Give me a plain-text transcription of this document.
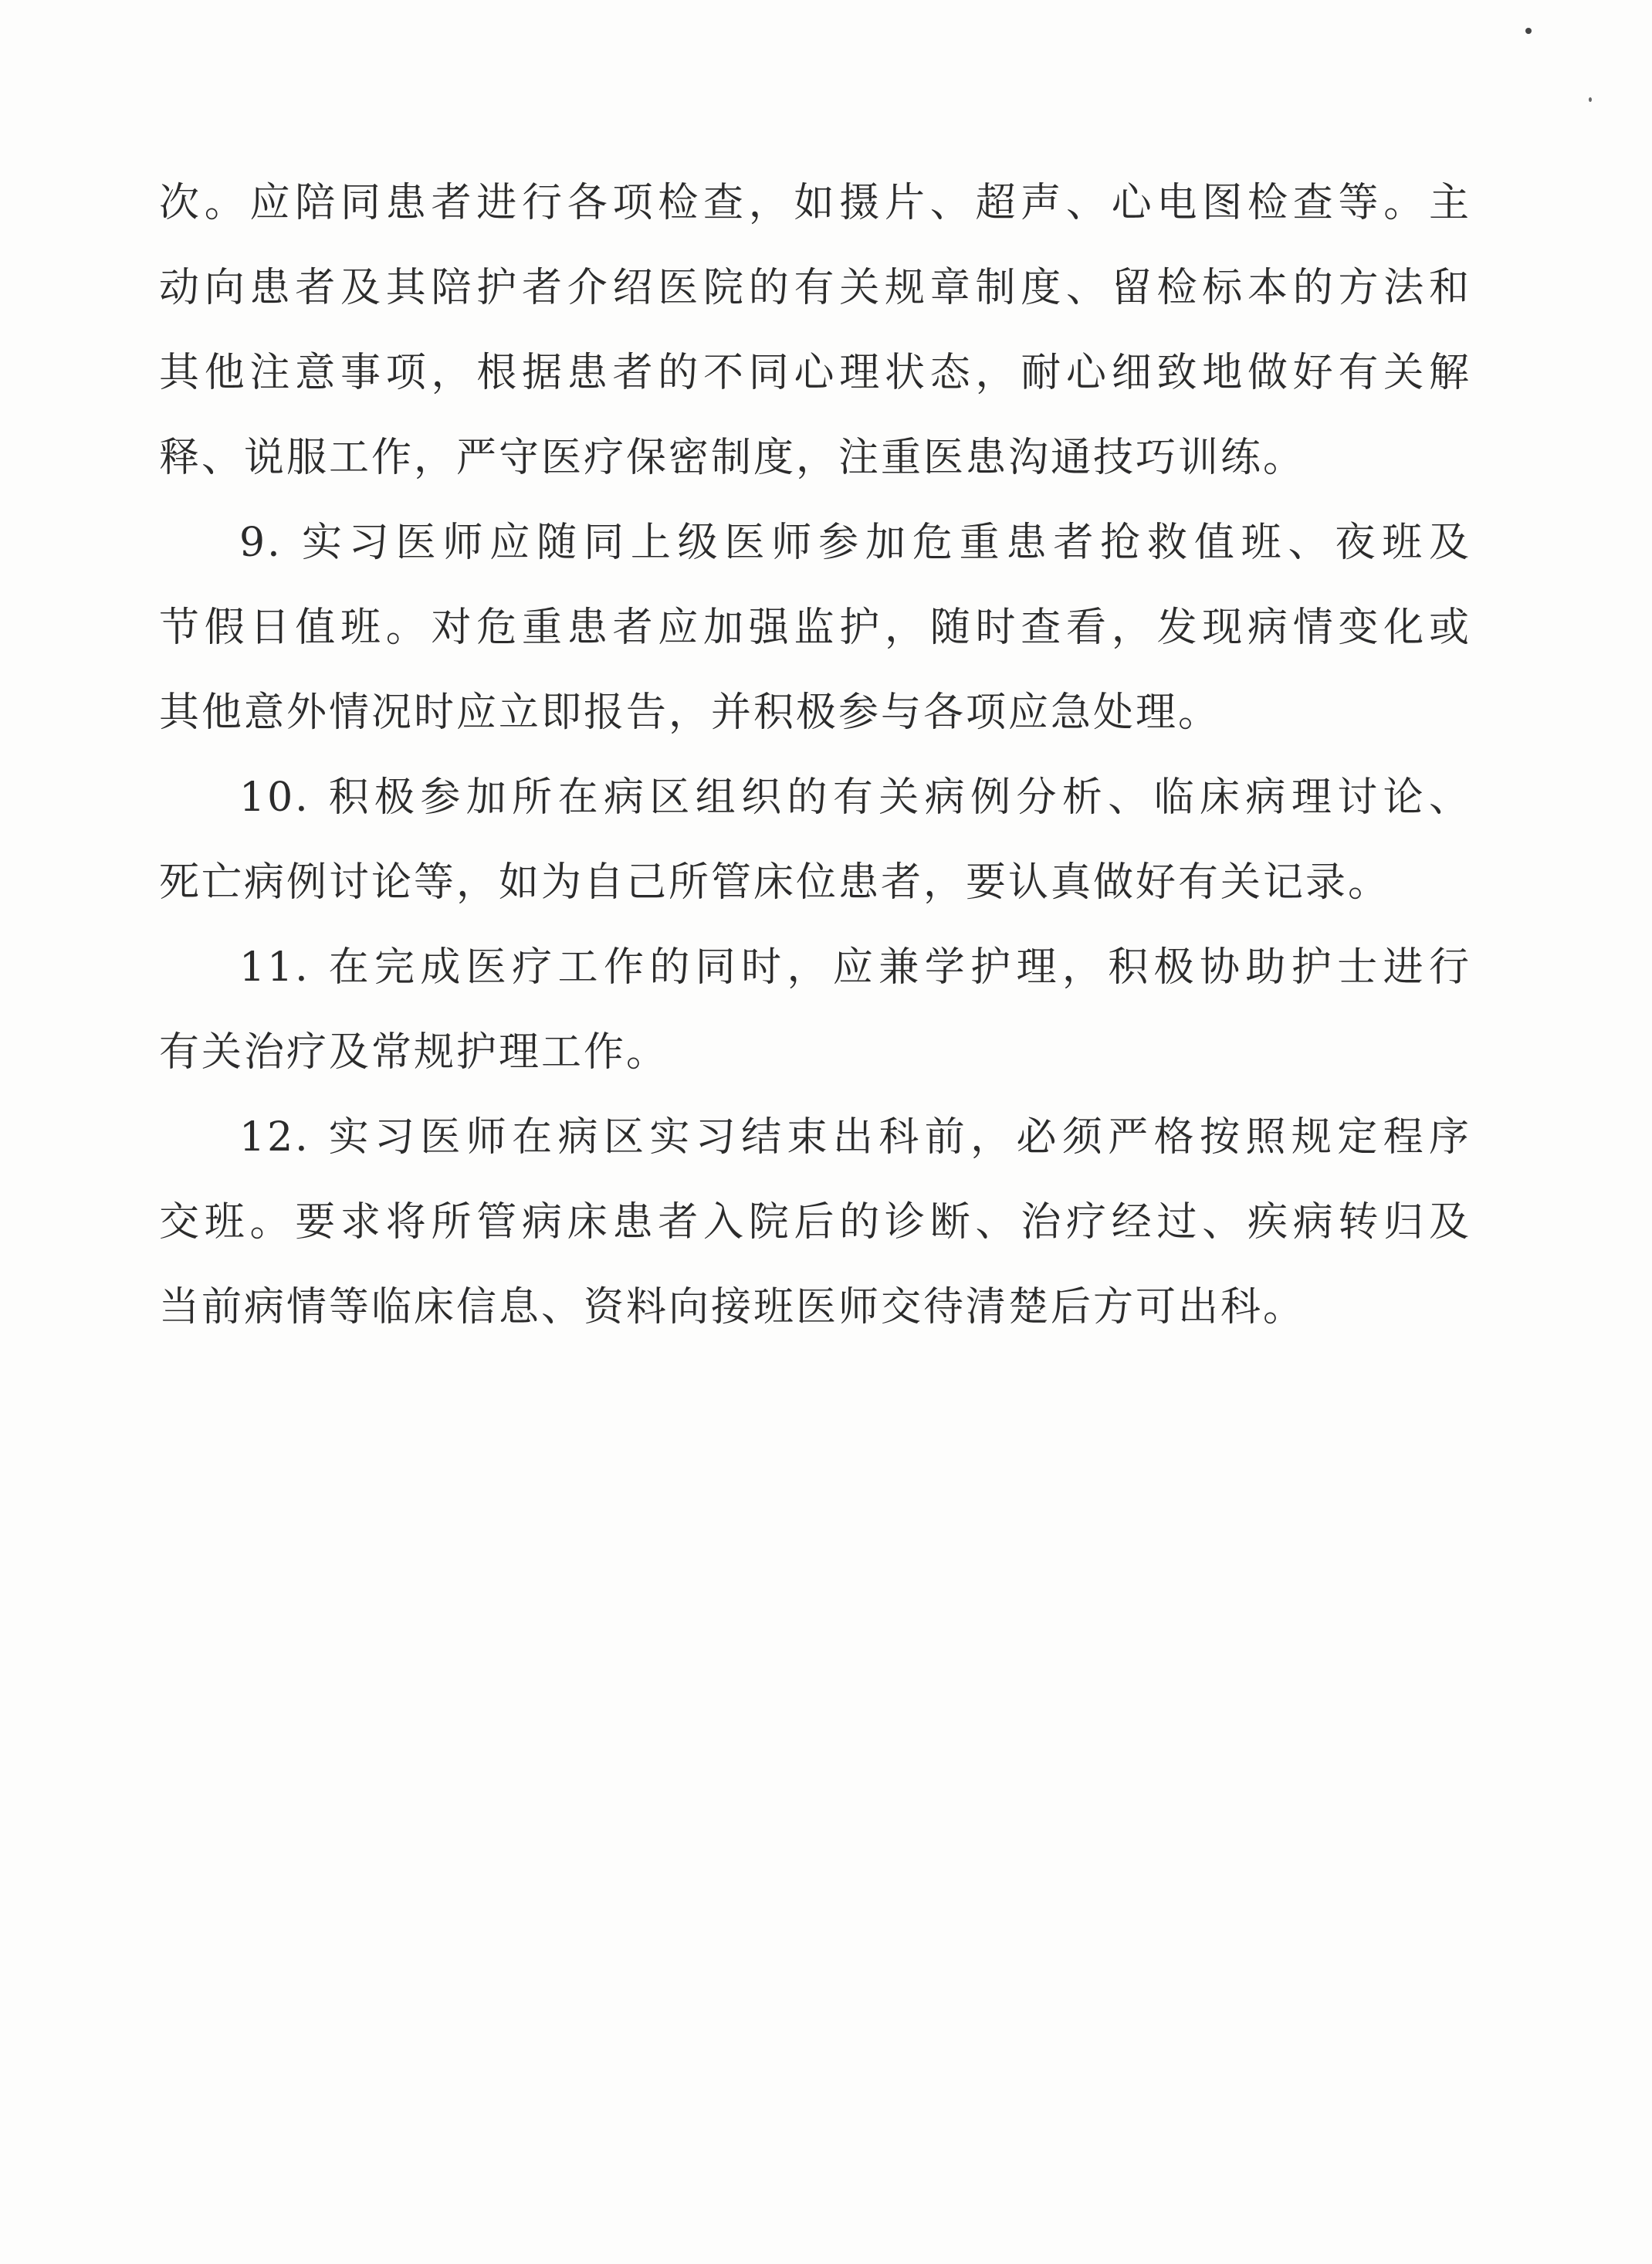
次。应陪同患者进行各项检查，如摄片、超声、心电图检查等。主
动向患者及其陪护者介绍医院的有关规章制度、留检标本的方法和
其他注意事项，根据患者的不同心理状态，耐心细致地做好有关解
释、说服工作，严守医疗保密制度，注重医患沟通技巧训练。
9. 实习医师应随同上级医师参加危重患者抢救值班、夜班及
节假日值班。对危重患者应加强监护，随时查看，发现病情变化或
其他意外情况时应立即报告，并积极参与各项应急处理。
10. 积极参加所在病区组织的有关病例分析、临床病理讨论、
死亡病例讨论等，如为自己所管床位患者，要认真做好有关记录。
11. 在完成医疗工作的同时，应兼学护理，积极协助护士进行
有关治疗及常规护理工作。
12. 实习医师在病区实习结束出科前，必须严格按照规定程序
交班。要求将所管病床患者入院后的诊断、治疗经过、疾病转归及
当前病情等临床信息、资料向接班医师交待清楚后方可出科。
